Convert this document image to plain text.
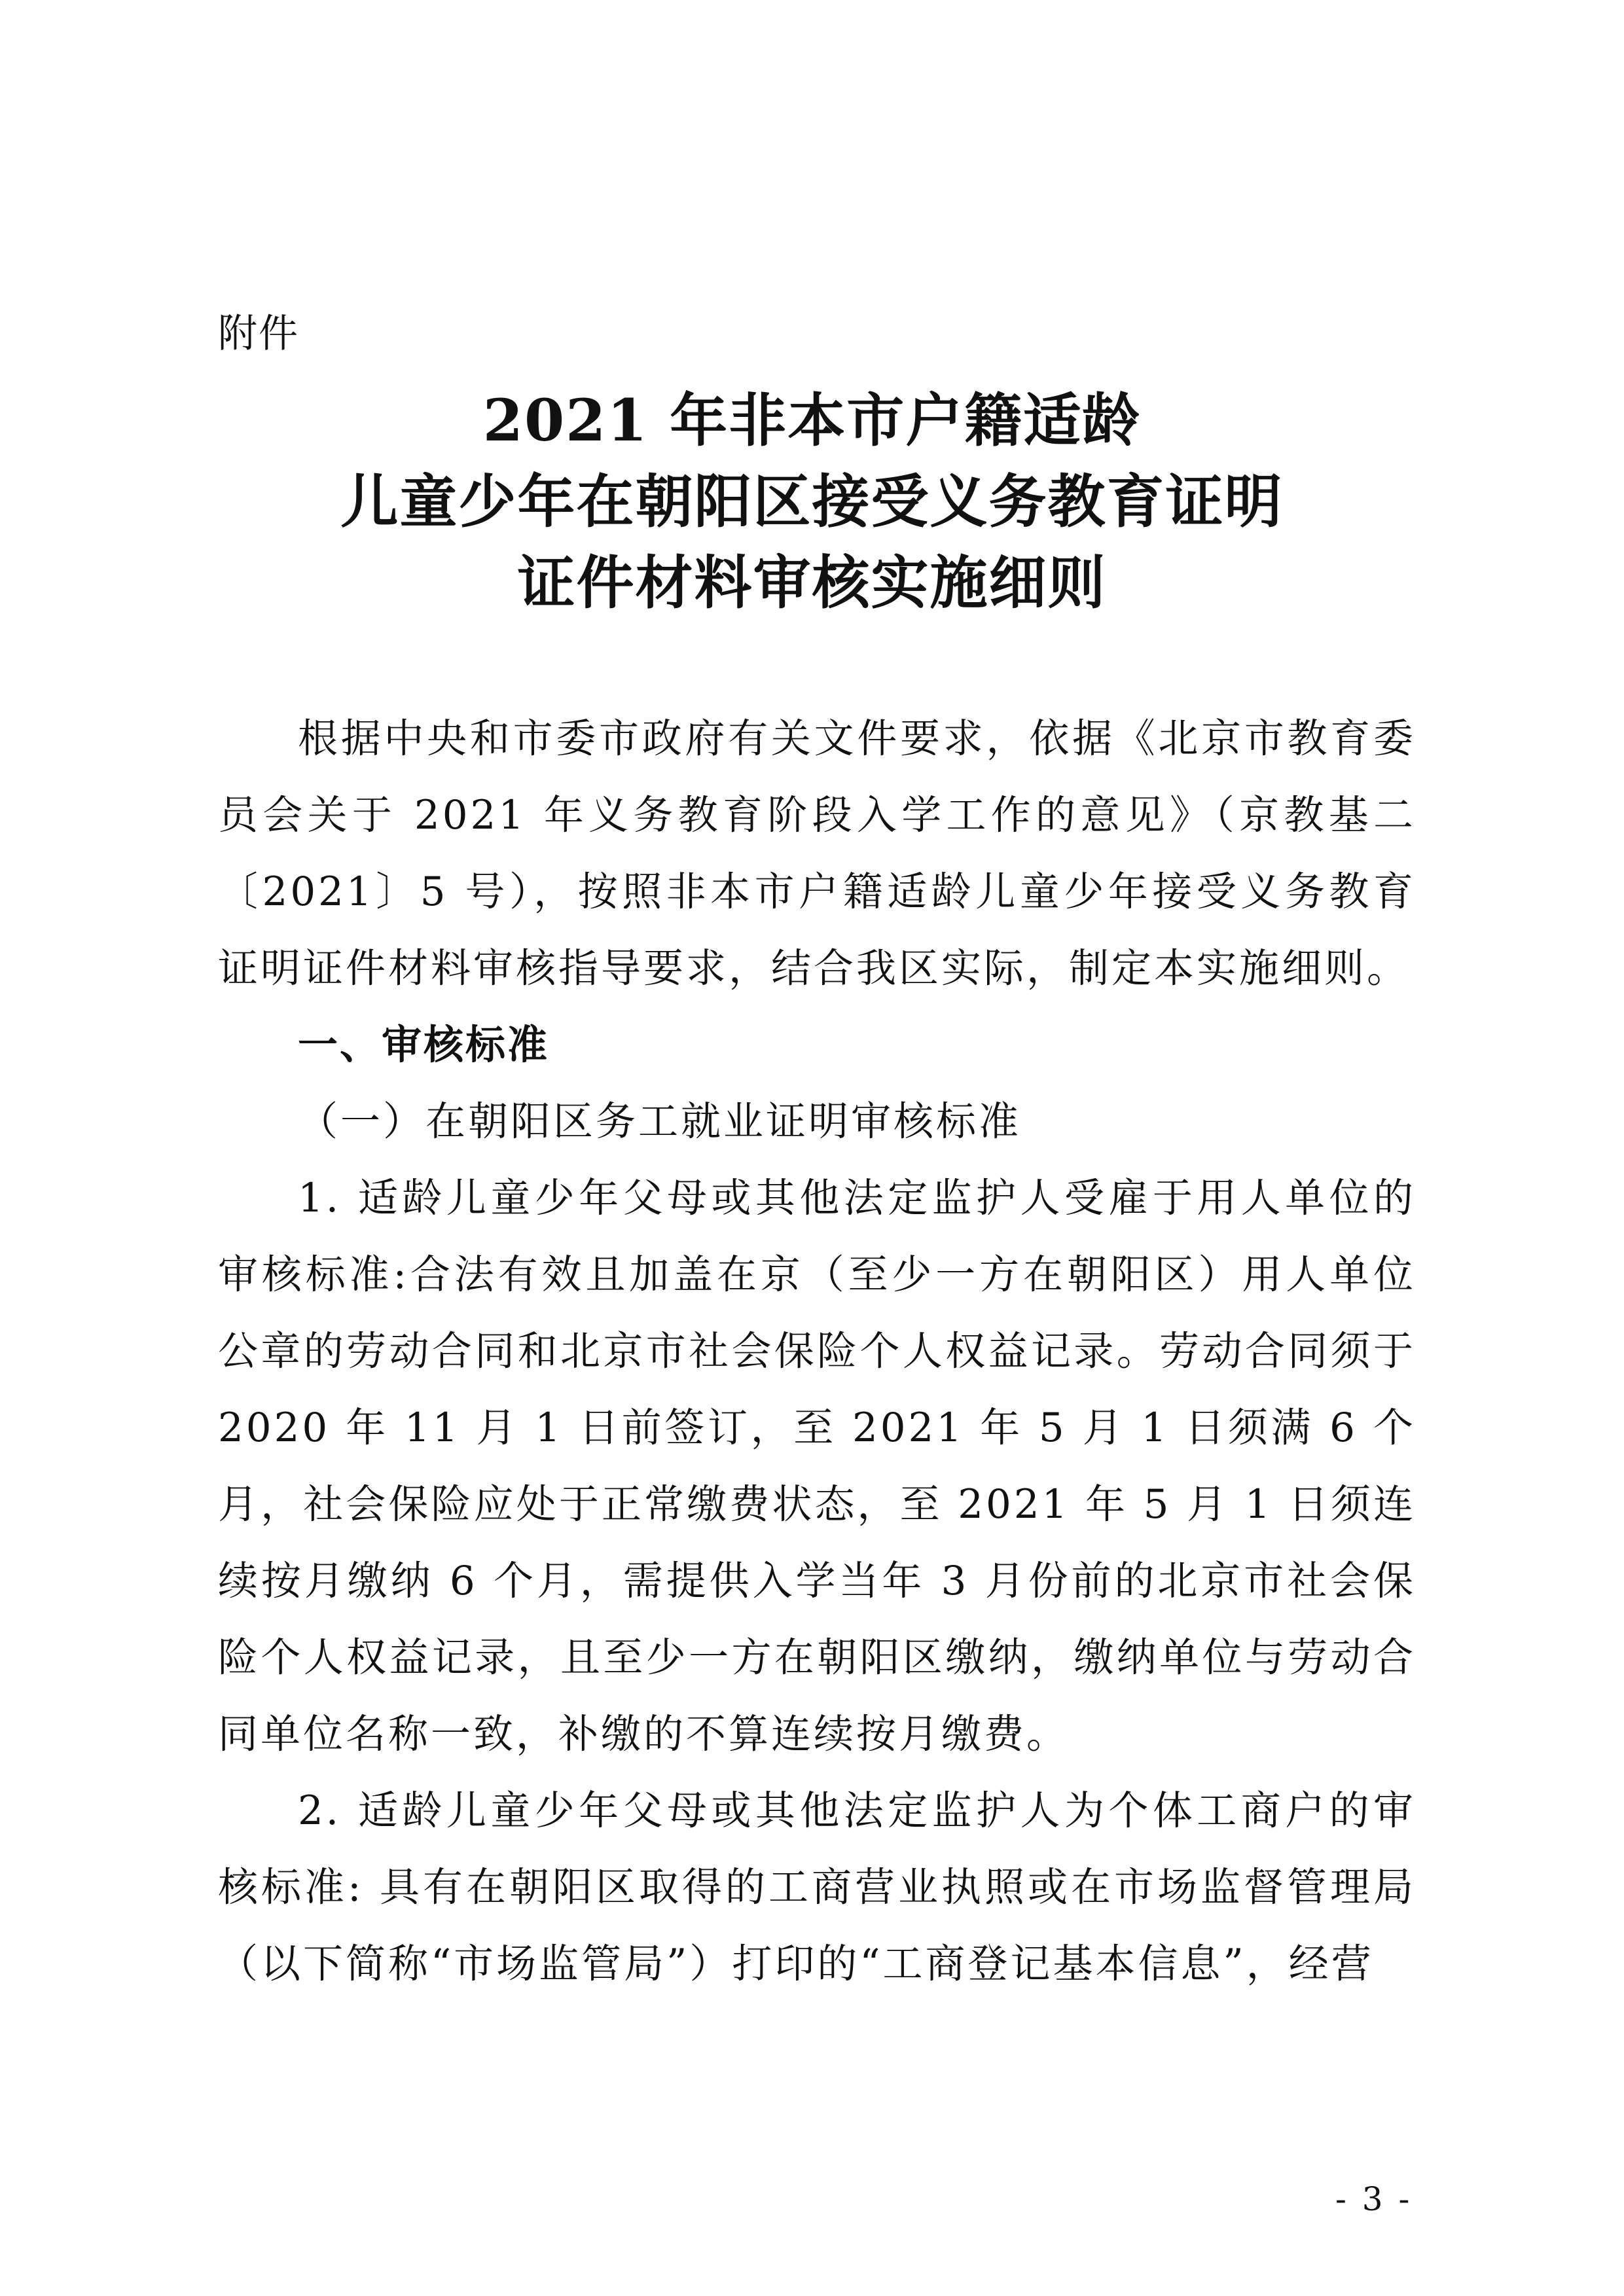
附件
2021 年非本市户籍适龄
儿童少年在朝阳区接受义务教育证明
证件材料审核实施细则

根据中央和市委市政府有关文件要求，依据《北京市教育委员会关于 2021 年义务教育阶段入学工作的意见》（京教基二〔2021〕5 号），按照非本市户籍适龄儿童少年接受义务教育证明证件材料审核指导要求，结合我区实际，制定本实施细则。

一、审核标准

（一）在朝阳区务工就业证明审核标准

1. 适龄儿童少年父母或其他法定监护人受雇于用人单位的审核标准:合法有效且加盖在京（至少一方在朝阳区）用人单位公章的劳动合同和北京市社会保险个人权益记录。劳动合同须于 2020 年 11 月 1 日前签订，至 2021 年 5 月 1 日须满 6 个月，社会保险应处于正常缴费状态，至 2021 年 5 月 1 日须连续按月缴纳 6 个月，需提供入学当年 3 月份前的北京市社会保险个人权益记录，且至少一方在朝阳区缴纳，缴纳单位与劳动合同单位名称一致，补缴的不算连续按月缴费。

2. 适龄儿童少年父母或其他法定监护人为个体工商户的审核标准: 具有在朝阳区取得的工商营业执照或在市场监督管理局（以下简称“市场监管局”）打印的“工商登记基本信息”，经营

- 3 -
